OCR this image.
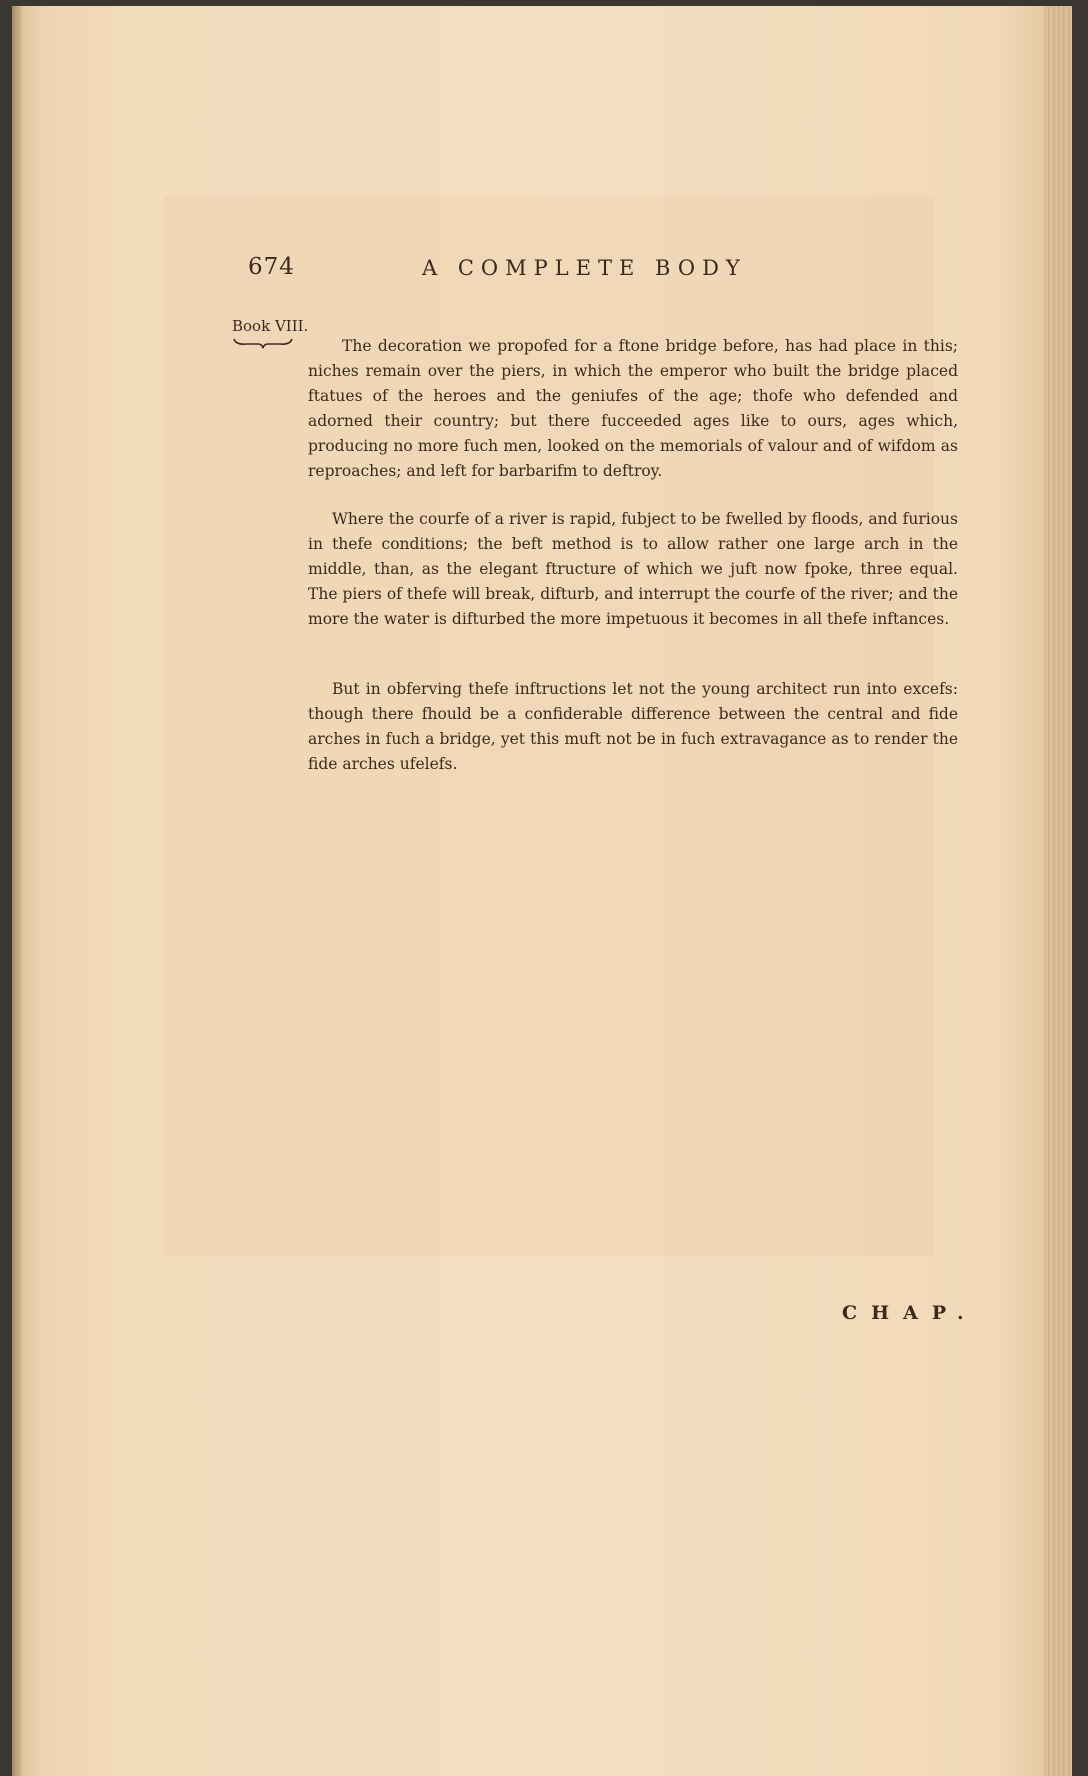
674	A COMPLETE BODY
Book VIII.

The decoration we propofed for a ftone bridge before, has had place in this; niches remain over the piers, in which the emperor who built the bridge placed ftatues of the heroes and the geniufes of the age; thofe who defended and adorned their country; but there fucceeded ages like to ours, ages which, producing no more fuch men, looked on the memorials of valour and of wifdom as reproaches; and left for barbarifm to deftroy.

Where the courfe of a river is rapid, fubject to be fwelled by floods, and furious in thefe conditions; the beft method is to allow rather one large arch in the middle, than, as the elegant ftructure of which we juft now fpoke, three equal. The piers of thefe will break, difturb, and interrupt the courfe of the river; and the more the water is difturbed the more impetuous it becomes in all thefe inftances.

But in obferving thefe inftructions let not the young architect run into excefs: though there fhould be a confiderable difference between the central and fide arches in fuch a bridge, yet this muft not be in fuch extravagance as to render the fide arches ufelefs.

CHAP.
